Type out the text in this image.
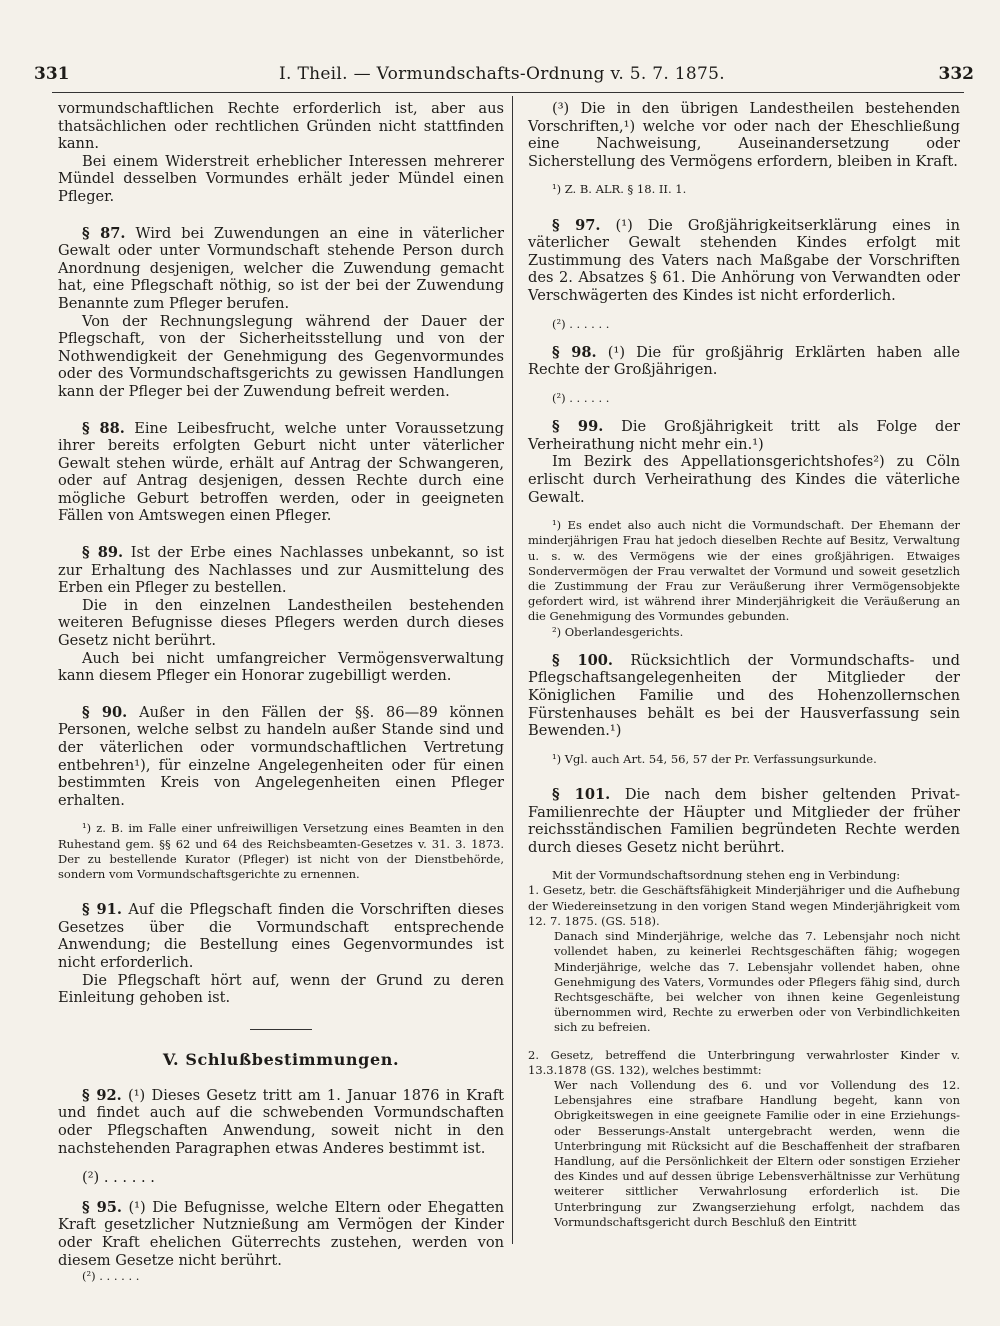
331	I. Theil. — Vormundschafts-Ordnung v. 5. 7. 1875.	332

vormundschaftlichen Rechte erforderlich ist, aber aus thatsächlichen oder rechtlichen Gründen nicht stattfinden kann.

Bei einem Widerstreit erheblicher Interessen mehrerer Mündel desselben Vormundes erhält jeder Mündel einen Pfleger.

§ 87. Wird bei Zuwendungen an eine in väterlicher Gewalt oder unter Vormundschaft stehende Person durch Anordnung desjenigen, welcher die Zuwendung gemacht hat, eine Pflegschaft nöthig, so ist der bei der Zuwendung Benannte zum Pfleger berufen.

Von der Rechnungslegung während der Dauer der Pflegschaft, von der Sicherheitsstellung und von der Nothwendigkeit der Genehmigung des Gegenvormundes oder des Vormundschaftsgerichts zu gewissen Handlungen kann der Pfleger bei der Zuwendung befreit werden.

§ 88. Eine Leibesfrucht, welche unter Voraussetzung ihrer bereits erfolgten Geburt nicht unter väterlicher Gewalt stehen würde, erhält auf Antrag der Schwangeren, oder auf Antrag desjenigen, dessen Rechte durch eine mögliche Geburt betroffen werden, oder in geeigneten Fällen von Amtswegen einen Pfleger.

§ 89. Ist der Erbe eines Nachlasses unbekannt, so ist zur Erhaltung des Nachlasses und zur Ausmittelung des Erben ein Pfleger zu bestellen.

Die in den einzelnen Landestheilen bestehenden weiteren Befugnisse dieses Pflegers werden durch dieses Gesetz nicht berührt.

Auch bei nicht umfangreicher Vermögensverwaltung kann diesem Pfleger ein Honorar zugebilligt werden.

§ 90. Außer in den Fällen der §§. 86—89 können Personen, welche selbst zu handeln außer Stande sind und der väterlichen oder vormundschaftlichen Vertretung entbehren¹), für einzelne Angelegenheiten oder für einen bestimmten Kreis von Angelegenheiten einen Pfleger erhalten.

¹) z. B. im Falle einer unfreiwilligen Versetzung eines Beamten in den Ruhestand gem. §§ 62 und 64 des Reichsbeamten-Gesetzes v. 31. 3. 1873. Der zu bestellende Kurator (Pfleger) ist nicht von der Dienstbehörde, sondern vom Vormundschaftsgerichte zu ernennen.

§ 91. Auf die Pflegschaft finden die Vorschriften dieses Gesetzes über die Vormundschaft entsprechende Anwendung; die Bestellung eines Gegenvormundes ist nicht erforderlich.

Die Pflegschaft hört auf, wenn der Grund zu deren Einleitung gehoben ist.

V. Schlußbestimmungen.

§ 92. (¹) Dieses Gesetz tritt am 1. Januar 1876 in Kraft und findet auch auf die schwebenden Vormundschaften oder Pflegschaften Anwendung, soweit nicht in den nachstehenden Paragraphen etwas Anderes bestimmt ist.

(²) . . . . . .

§ 95. (¹) Die Befugnisse, welche Eltern oder Ehegatten Kraft gesetzlicher Nutznießung am Vermögen der Kinder oder Kraft ehelichen Güterrechts zustehen, werden von diesem Gesetze nicht berührt.

(²) . . . . . .

(³) Die in den übrigen Landestheilen bestehenden Vorschriften,¹) welche vor oder nach der Eheschließung eine Nachweisung, Auseinandersetzung oder Sicherstellung des Vermögens erfordern, bleiben in Kraft.

¹) Z. B. ALR. § 18. II. 1.

§ 97. (¹) Die Großjährigkeitserklärung eines in väterlicher Gewalt stehenden Kindes erfolgt mit Zustimmung des Vaters nach Maßgabe der Vorschriften des 2. Absatzes § 61. Die Anhörung von Verwandten oder Verschwägerten des Kindes ist nicht erforderlich.

(²) . . . . . .

§ 98. (¹) Die für großjährig Erklärten haben alle Rechte der Großjährigen.

(²) . . . . . .

§ 99. Die Großjährigkeit tritt als Folge der Verheirathung nicht mehr ein.¹)

Im Bezirk des Appellationsgerichtshofes²) zu Cöln erlischt durch Verheirathung des Kindes die väterliche Gewalt.

¹) Es endet also auch nicht die Vormundschaft. Der Ehemann der minderjährigen Frau hat jedoch dieselben Rechte auf Besitz, Verwaltung u. s. w. des Vermögens wie der eines großjährigen. Etwaiges Sondervermögen der Frau verwaltet der Vormund und soweit gesetzlich die Zustimmung der Frau zur Veräußerung ihrer Vermögensobjekte gefordert wird, ist während ihrer Minderjährigkeit die Veräußerung an die Genehmigung des Vormundes gebunden.

²) Oberlandesgerichts.

§ 100. Rücksichtlich der Vormundschafts- und Pflegschaftsangelegenheiten der Mitglieder der Königlichen Familie und des Hohenzollernschen Fürstenhauses behält es bei der Hausverfassung sein Bewenden.¹)

¹) Vgl. auch Art. 54, 56, 57 der Pr. Verfassungsurkunde.

§ 101. Die nach dem bisher geltenden Privat-Familienrechte der Häupter und Mitglieder der früher reichsständischen Familien begründeten Rechte werden durch dieses Gesetz nicht berührt.

Mit der Vormundschaftsordnung stehen eng in Verbindung:

1. Gesetz, betr. die Geschäftsfähigkeit Minderjähriger und die Aufhebung der Wiedereinsetzung in den vorigen Stand wegen Minderjährigkeit vom 12. 7. 1875. (GS. 518).

Danach sind Minderjährige, welche das 7. Lebensjahr noch nicht vollendet haben, zu keinerlei Rechtsgeschäften fähig; wogegen Minderjährige, welche das 7. Lebensjahr vollendet haben, ohne Genehmigung des Vaters, Vormundes oder Pflegers fähig sind, durch Rechtsgeschäfte, bei welcher von ihnen keine Gegenleistung übernommen wird, Rechte zu erwerben oder von Verbindlichkeiten sich zu befreien.

2. Gesetz, betreffend die Unterbringung verwahrloster Kinder v. 13.3.1878 (GS. 132), welches bestimmt:

Wer nach Vollendung des 6. und vor Vollendung des 12. Lebensjahres eine strafbare Handlung begeht, kann von Obrigkeitswegen in eine geeignete Familie oder in eine Erziehungs- oder Besserungs-Anstalt untergebracht werden, wenn die Unterbringung mit Rücksicht auf die Beschaffenheit der strafbaren Handlung, auf die Persönlichkeit der Eltern oder sonstigen Erzieher des Kindes und auf dessen übrige Lebensverhältnisse zur Verhütung weiterer sittlicher Verwahrlosung erforderlich ist. Die Unterbringung zur Zwangserziehung erfolgt, nachdem das Vormundschaftsgericht durch Beschluß den Eintritt
